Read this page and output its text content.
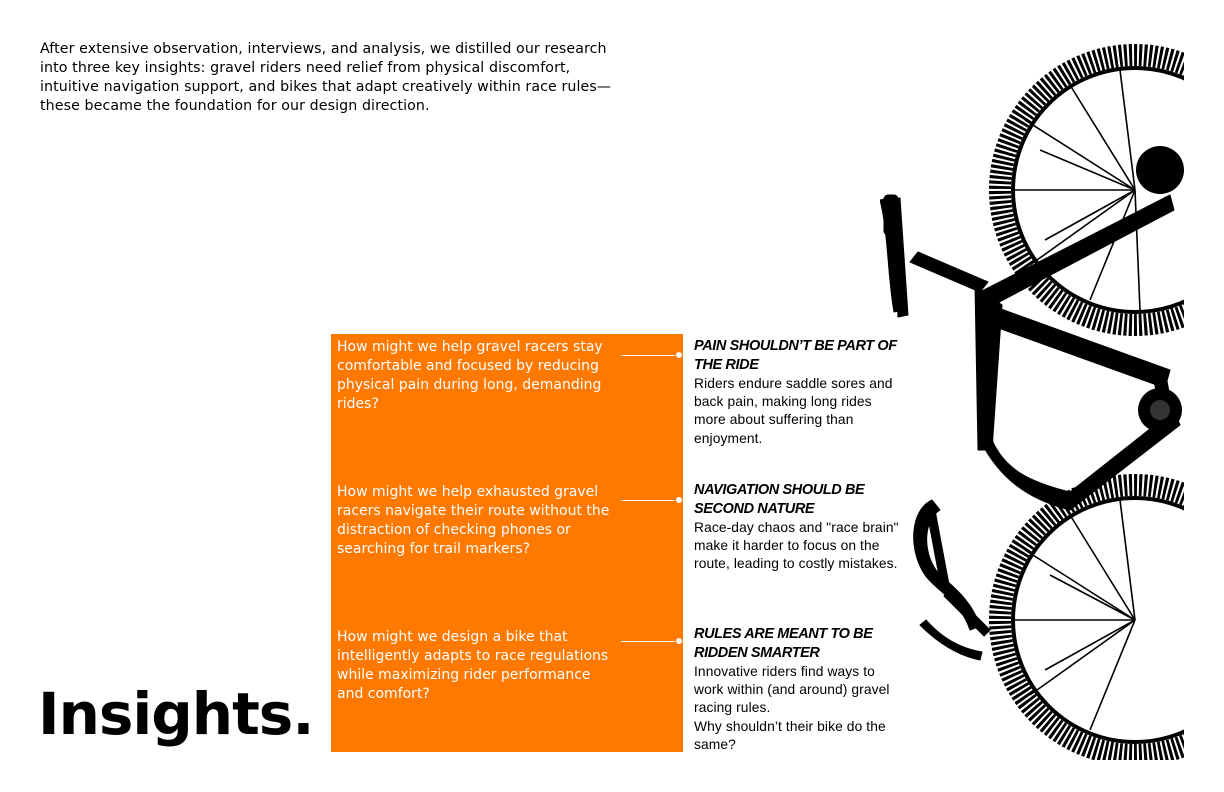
After extensive observation, interviews, and analysis, we distilled our research into three key insights: gravel riders need relief from physical discomfort, intuitive navigation support, and bikes that adapt creatively within race rules—these became the foundation for our design direction.
Insights.
How might we help gravel racers stay comfortable and focused by reducing physical pain during long, demanding rides?
How might we help exhausted gravel racers navigate their route without the distraction of checking phones or searching for trail markers?
How might we design a bike that intelligently adapts to race regulations while maximizing rider performance and comfort?
PAIN SHOULDN’T BE PART OF THE RIDE

Riders endure saddle sores and back pain, making long rides more about suffering than enjoyment.

NAVIGATION SHOULD BE SECOND NATURE

Race-day chaos and "race brain" make it harder to focus on the route, leading to costly mistakes.

RULES ARE MEANT TO BE RIDDEN SMARTER

Innovative riders find ways to work within (and around) gravel racing rules.

Why shouldn’t their bike do the same?
